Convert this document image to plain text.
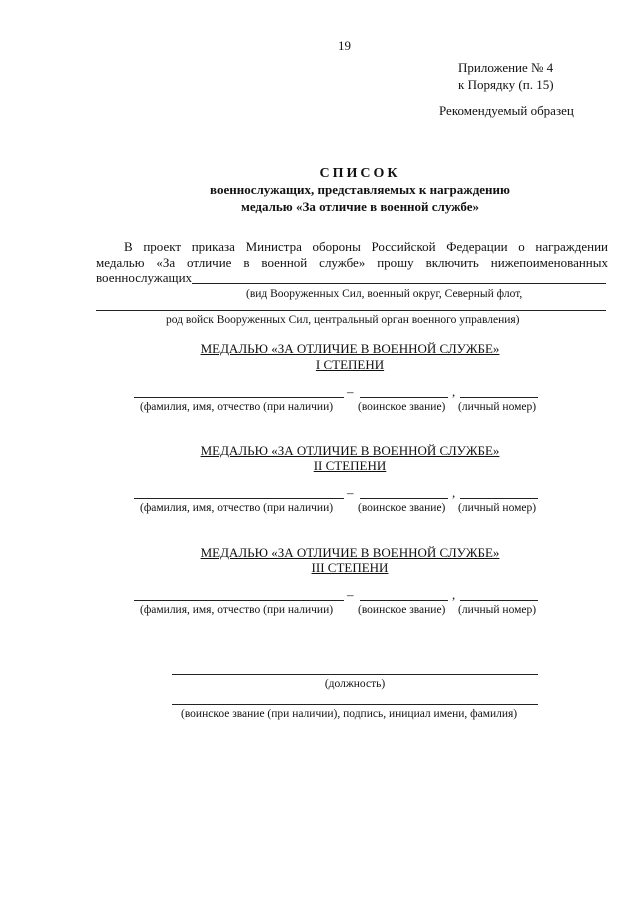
19
Приложение № 4
к Порядку (п. 15)
Рекомендуемый образец
СПИСОК
военнослужащих, представляемых к награждению
медалью «За отличие в военной службе»
В проект приказа Министра обороны Российской Федерации о награждении
медалью «За отличие в военной службе» прошу включить нижепоименованных
военнослужащих
(вид Вооруженных Сил, военный округ, Северный флот,
род войск Вооруженных Сил, центральный орган военного управления)
МЕДАЛЬЮ «ЗА ОТЛИЧИЕ В ВОЕННОЙ СЛУЖБЕ»
I СТЕПЕНИ
–	,
(фамилия, имя, отчество (при наличии) (воинское звание) (личный номер)
МЕДАЛЬЮ «ЗА ОТЛИЧИЕ В ВОЕННОЙ СЛУЖБЕ»
II СТЕПЕНИ
–	,
(фамилия, имя, отчество (при наличии) (воинское звание) (личный номер)
МЕДАЛЬЮ «ЗА ОТЛИЧИЕ В ВОЕННОЙ СЛУЖБЕ»
III СТЕПЕНИ
–	,
(фамилия, имя, отчество (при наличии) (воинское звание) (личный номер)
(должность)
(воинское звание (при наличии), подпись, инициал имени, фамилия)
